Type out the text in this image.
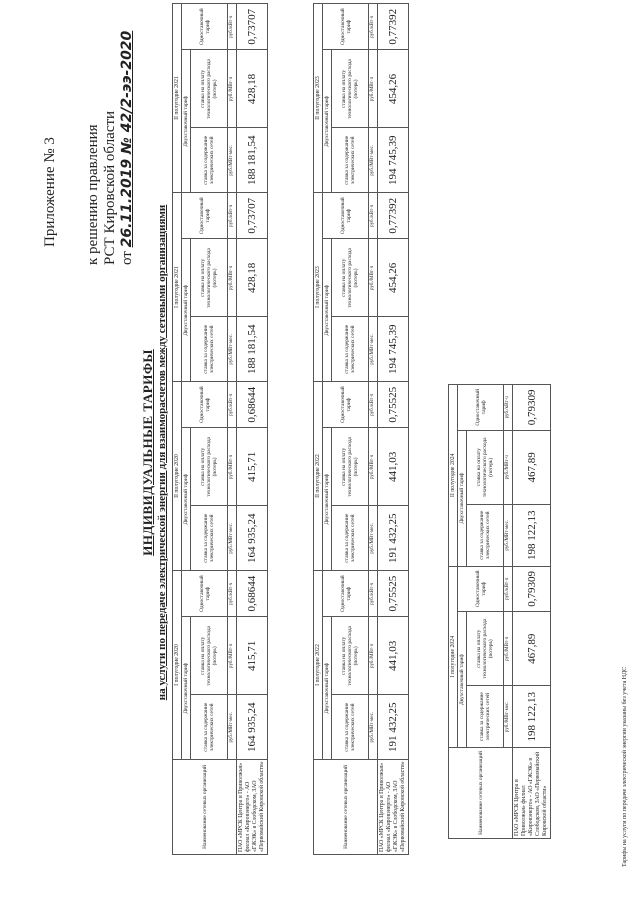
Приложение № 3 к решению правления РСТ Кировской области от 26.11.2019 № 42/2-ээ-2020
ИНДИВИДУАЛЬНЫЕ ТАРИФЫ на услуги по передаче электрической энергии для взаиморасчетов между сетевыми организациями
Наименование сетевых организаций	I полугодие 2020			II полугодие 2020			I полугодие 2021			II полугодие 2021		
	Двухставочный тариф		Одноставочный тариф	Двухставочный тариф		Одноставочный тариф	Двухставочный тариф		Одноставочный тариф	Двухставочный тариф		Одноставочный тариф
	ставка за содержание электрических сетей	ставка на оплату технологического расхода (потерь)		ставка за содержание электрических сетей	ставка на оплату технологического расхода (потерь)		ставка за содержание электрических сетей	ставка на оплату технологического расхода (потерь)		ставка за содержание электрических сетей	ставка на оплату технологического расхода (потерь)	
	руб./МВт·мес.	руб./МВт·ч	руб./кВт·ч	руб./МВт·мес.	руб./МВт·ч	руб./кВт·ч	руб./МВт·мес.	руб./МВт·ч	руб./кВт·ч	руб./МВт·мес.	руб./МВт·ч	руб./кВт·ч
ПАО «МРСК Центра и Приволжья» филиал «Кировэнерго» - АО «ГЖЭК» в Слободском, ЗАО «Первомайский Кировской области»	164 935,24	415,71	0,68644	164 935,24	415,71	0,68644	188 181,54	428,18	0,73707	188 181,54	428,18	0,73707
Наименование сетевых организаций	I полугодие 2022			II полугодие 2022			I полугодие 2023			II полугодие 2023		
	Двухставочный тариф		Одноставочный тариф	Двухставочный тариф		Одноставочный тариф	Двухставочный тариф		Одноставочный тариф	Двухставочный тариф		Одноставочный тариф
	ставка за содержание электрических сетей	ставка на оплату технологического расхода (потерь)		ставка за содержание электрических сетей	ставка на оплату технологического расхода (потерь)		ставка за содержание электрических сетей	ставка на оплату технологического расхода (потерь)		ставка за содержание электрических сетей	ставка на оплату технологического расхода (потерь)	
	руб./МВт·мес.	руб./МВт·ч	руб./кВт·ч	руб./МВт·мес.	руб./МВт·ч	руб./кВт·ч	руб./МВт·мес.	руб./МВт·ч	руб./кВт·ч	руб./МВт·мес.	руб./МВт·ч	руб./кВт·ч
ПАО «МРСК Центра и Приволжья» филиал «Кировэнерго» - АО «ГЖЭК» в Слободском, ЗАО «Первомайский Кировской области»	191 432,25	441,03	0,75525	191 432,25	441,03	0,75525	194 745,39	454,26	0,77392	194 745,39	454,26	0,77392
Наименование сетевых организаций	I полугодие 2024			II полугодие 2024		
	Двухставочный тариф		Одноставочный тариф	Двухставочный тариф		Одноставочный тариф
	ставка за содержание электрических сетей	ставка на оплату технологического расхода (потерь)		ставка за содержание электрических сетей	ставка на оплату технологического расхода (потерь)	
	руб./МВт·мес.	руб./МВт·ч	руб./кВт·ч	руб./МВт·мес.	руб./МВт·ч	руб./кВт·ч
ПАО «МРСК Центра и Приволжья» филиал «Кировэнерго» - АО «ГЖЭК» в Слободском, ЗАО «Первомайский Кировской области»	198 122,13	467,89	0,79309	198 122,13	467,89	0,79309
Тарифы на услуги по передаче электрической энергии указаны без учета НДС
